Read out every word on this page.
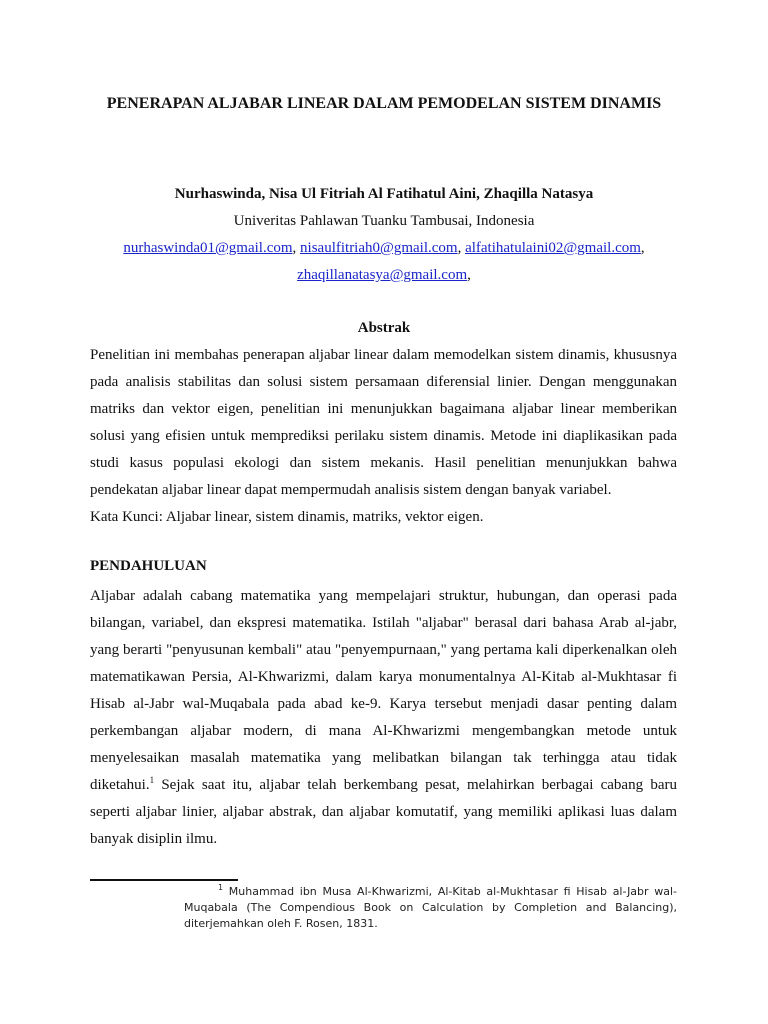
PENERAPAN ALJABAR LINEAR DALAM PEMODELAN SISTEM DINAMIS

Nurhaswinda, Nisa Ul Fitriah Al Fatihatul Aini, Zhaqilla Natasya

Univeritas Pahlawan Tuanku Tambusai, Indonesia

nurhaswinda01@gmail.com, nisaulfitriah0@gmail.com, alfatihatulaini02@gmail.com,

zhaqillanatasya@gmail.com,

Abstrak

Penelitian ini membahas penerapan aljabar linear dalam memodelkan sistem dinamis, khususnya pada analisis stabilitas dan solusi sistem persamaan diferensial linier. Dengan menggunakan matriks dan vektor eigen, penelitian ini menunjukkan bagaimana aljabar linear memberikan solusi yang efisien untuk memprediksi perilaku sistem dinamis. Metode ini diaplikasikan pada studi kasus populasi ekologi dan sistem mekanis. Hasil penelitian menunjukkan bahwa pendekatan aljabar linear dapat mempermudah analisis sistem dengan banyak variabel.

Kata Kunci: Aljabar linear, sistem dinamis, matriks, vektor eigen.

PENDAHULUAN

Aljabar adalah cabang matematika yang mempelajari struktur, hubungan, dan operasi pada bilangan, variabel, dan ekspresi matematika. Istilah "aljabar" berasal dari bahasa Arab al-jabr, yang berarti "penyusunan kembali" atau "penyempurnaan," yang pertama kali diperkenalkan oleh matematikawan Persia, Al-Khwarizmi, dalam karya monumentalnya Al-Kitab al-Mukhtasar fi Hisab al-Jabr wal-Muqabala pada abad ke-9. Karya tersebut menjadi dasar penting dalam perkembangan aljabar modern, di mana Al-Khwarizmi mengembangkan metode untuk menyelesaikan masalah matematika yang melibatkan bilangan tak terhingga atau tidak diketahui.$^1$ Sejak saat itu, aljabar telah berkembang pesat, melahirkan berbagai cabang baru seperti aljabar linier, aljabar abstrak, dan aljabar komutatif, yang memiliki aplikasi luas dalam banyak disiplin ilmu.

$^1$ Muhammad ibn Musa Al-Khwarizmi, Al-Kitab al-Mukhtasar fi Hisab al-Jabr wal-Muqabala (The Compendious Book on Calculation by Completion and Balancing), diterjemahkan oleh F. Rosen, 1831.
